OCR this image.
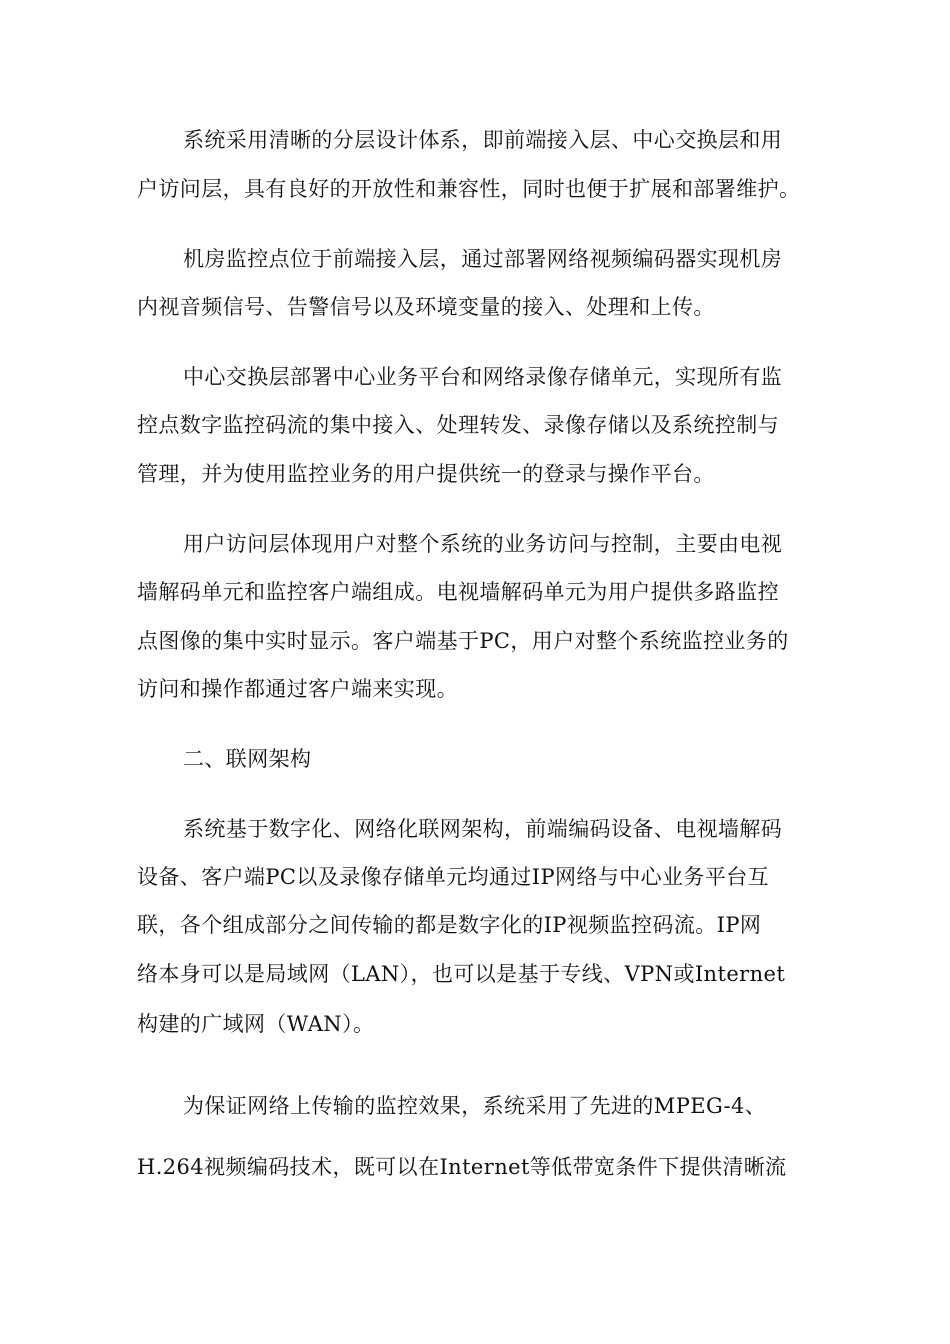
系统采用清晰的分层设计体系，即前端接入层、中心交换层和用
户访问层，具有良好的开放性和兼容性，同时也便于扩展和部署维护。
机房监控点位于前端接入层，通过部署网络视频编码器实现机房
内视音频信号、告警信号以及环境变量的接入、处理和上传。
中心交换层部署中心业务平台和网络录像存储单元，实现所有监
控点数字监控码流的集中接入、处理转发、录像存储以及系统控制与
管理，并为使用监控业务的用户提供统一的登录与操作平台。
用户访问层体现用户对整个系统的业务访问与控制，主要由电视
墙解码单元和监控客户端组成。电视墙解码单元为用户提供多路监控
点图像的集中实时显示。客户端基于PC，用户对整个系统监控业务的
访问和操作都通过客户端来实现。
二、联网架构
系统基于数字化、网络化联网架构，前端编码设备、电视墙解码
设备、客户端PC以及录像存储单元均通过IP网络与中心业务平台互
联，各个组成部分之间传输的都是数字化的IP视频监控码流。IP网
络本身可以是局域网（LAN），也可以是基于专线、VPN或Internet
构建的广域网（WAN）。
为保证网络上传输的监控效果，系统采用了先进的MPEG-4、
H.264视频编码技术，既可以在Internet等低带宽条件下提供清晰流
